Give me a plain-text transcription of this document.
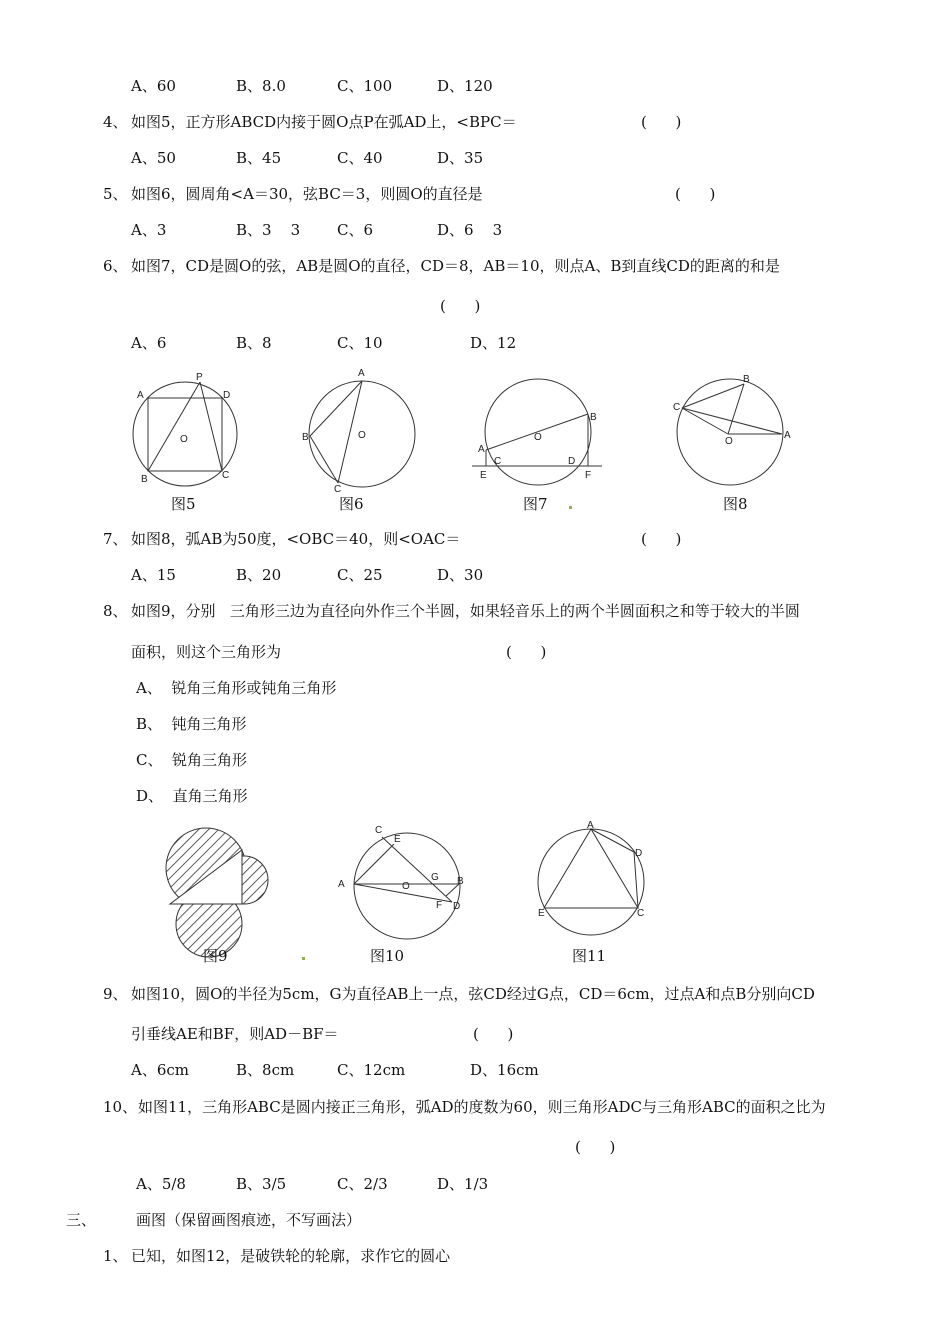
A、60	B、8.0	C、100	D、120
4、 如图5，正方形ABCD内接于圆O点P在弧AD上，<BPC＝	(      )
A、50	B、45	C、40	D、35
5、 如图6，圆周角<A＝30，弦BC＝3，则圆O的直径是	(      )
A、3	B、3    3 C、6	D、6    3
6、 如图7，CD是圆O的弦，AB是圆O的直径，CD＝8，AB＝10，则点A、B到直线CD的距离的和是
(      )
A、6	B、8	C、10	D、12
A
P
D
O
B	C
图5
A
B	O
C
图6
A
B
O
C	D
E	F
图7
B
C
O
A
图8
7、 如图8，弧AB为50度，<OBC＝40，则<OAC＝	(      )
A、15	B、20	C、25	D、30
8、 如图9，分别   三角形三边为直径向外作三个半圆，如果轻音乐上的两个半圆面积之和等于较大的半圆
面积，则这个三角形为	(      )
A、  锐角三角形或钝角三角形
B、  钝角三角形
C、  锐角三角形
D、  直角三角形
图9
C
E
A	O
G B
F D
图10
A
D
E	C
图11
9、 如图10，圆O的半径为5cm，G为直径AB上一点，弦CD经过G点，CD＝6cm，过点A和点B分别向CD
引垂线AE和BF，则AD－BF＝	(      )
A、6cm	B、8cm	C、12cm	D、16cm
10、 如图11，三角形ABC是圆内接正三角形，弧AD的度数为60，则三角形ADC与三角形ABC的面积之比为
(      )
A、5/8	B、3/5	C、2/3	D、1/3
三、	画图（保留画图痕迹，不写画法）
1、 已知，如图12，是破铁轮的轮廓，求作它的圆心
